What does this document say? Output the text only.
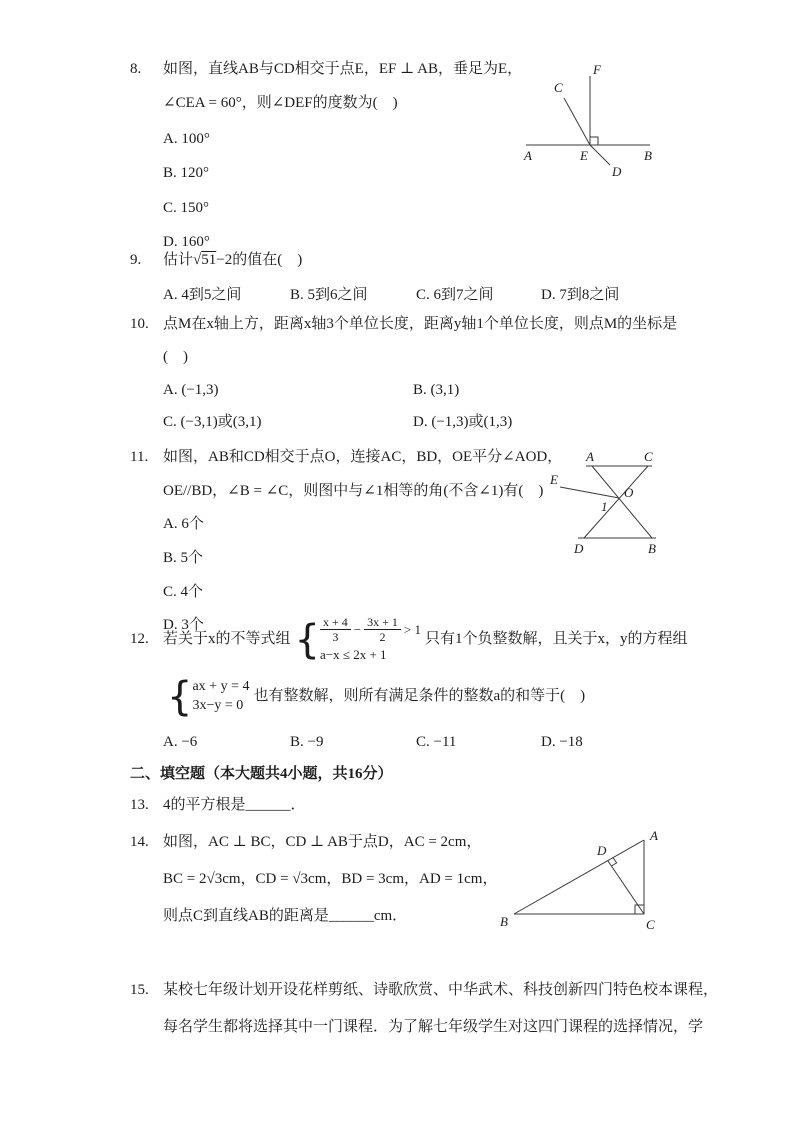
8. 如图，直线AB与CD相交于点E，EF ⊥ AB，垂足为E，
∠CEA = 60°，则∠DEF的度数为(　)
A. 100°
B. 120°
C. 150°
D. 160°
C
F
A	E	B
D
9. 估计√51−2的值在(　)
A. 4到5之间	B. 5到6之间	C. 6到7之间	D. 7到8之间
10. 点M在x轴上方，距离x轴3个单位长度，距离y轴1个单位长度，则点M的坐标是
(　)
A. (−1,3)	B. (3,1)
C. (−3,1)或(3,1)	D. (−1,3)或(1,3)
11. 如图，AB和CD相交于点O，连接AC，BD，OE平分∠AOD，
OE//BD，∠B = ∠C，则图中与∠1相等的角(不含∠1)有(　)
A. 6个
B. 5个
C. 4个
D. 3个
A	C
E
O
1
D	B
12. 若关于x的不等式组 { $\frac{x + 4}{3} - \frac{3x + 1}{2} > 1$
a−x ≤ 2x + 1
只有1个负整数解，且关于x，y的方程组
{ ax + y = 4
3x−y = 0
也有整数解，则所有满足条件的整数a的和等于(　)
A. −6	B. −9	C. −11	D. −18
二、填空题（本大题共4小题，共16分）
13. 4的平方根是______．
14. 如图，AC ⊥ BC，CD ⊥ AB于点D，AC = 2cm，
BC = 2√3cm，CD = √3cm，BD = 3cm，AD = 1cm，
则点C到直线AB的距离是______cm．
A
B	C
D
15. 某校七年级计划开设花样剪纸、诗歌欣赏、中华武术、科技创新四门特色校本课程，
每名学生都将选择其中一门课程．为了解七年级学生对这四门课程的选择情况，学
